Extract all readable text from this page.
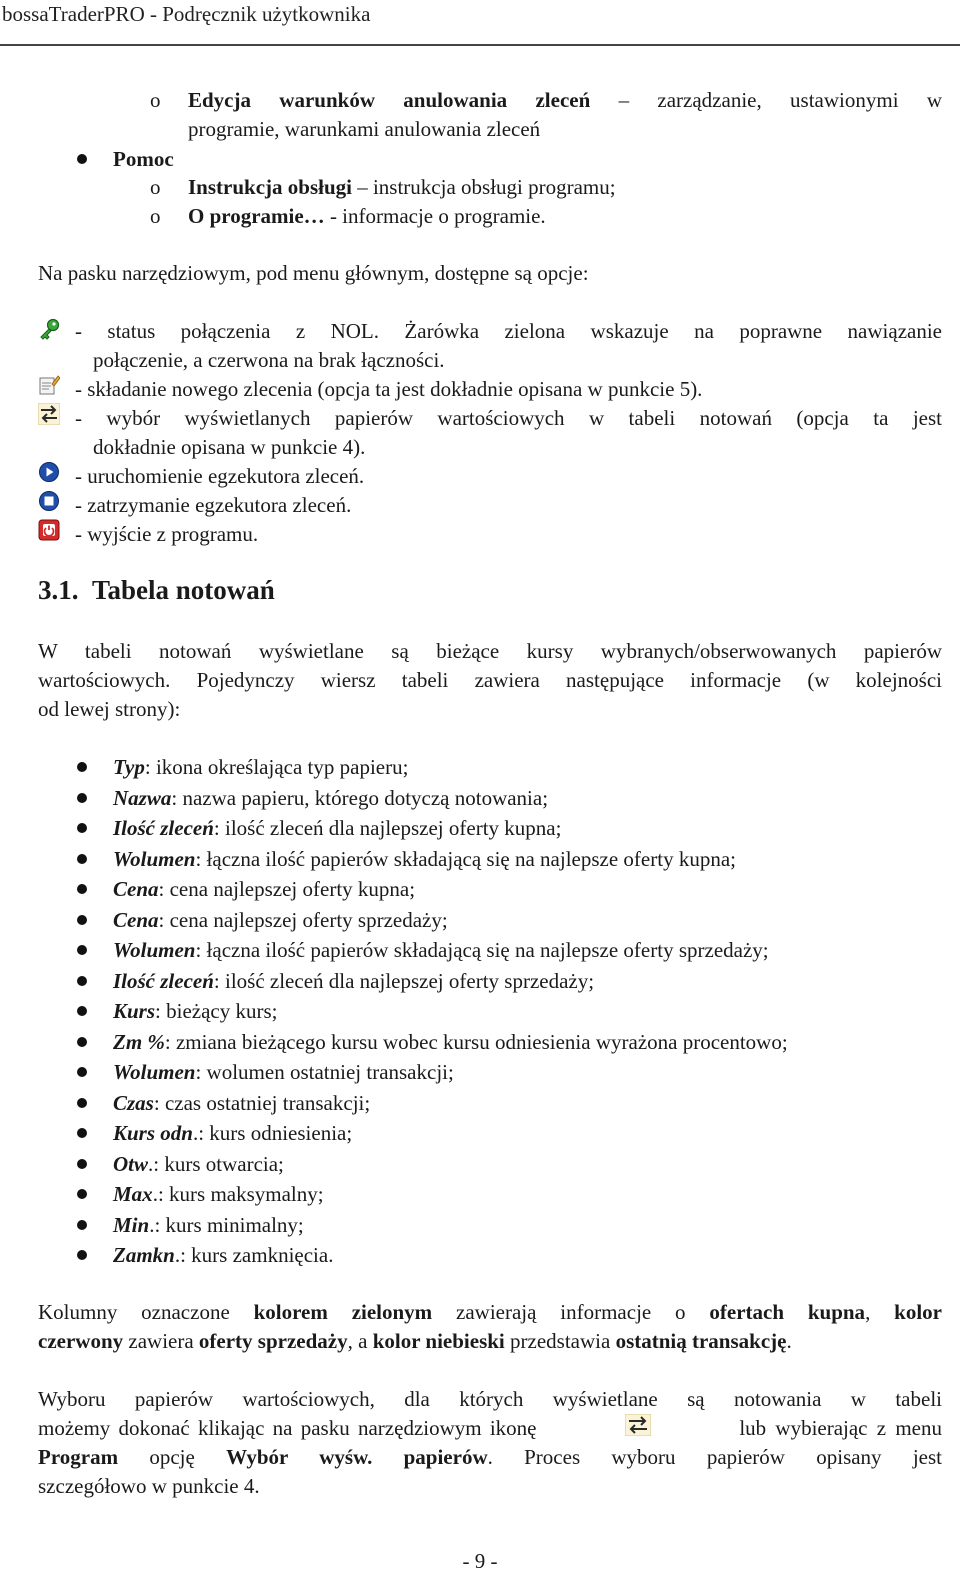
bossaTraderPRO - Podręcznik użytkownika
o Edycja warunków anulowania zleceń – zarządzanie, ustawionymi w
programie, warunkami anulowania zleceń
Pomoc
o Instrukcja obsługi – instrukcja obsługi programu;
o O programie… - informacje o programie.
Na pasku narzędziowym, pod menu głównym, dostępne są opcje:
- status połączenia z NOL. Żarówka zielona wskazuje na poprawne nawiązanie
połączenie, a czerwona na brak łączności.
- składanie nowego zlecenia (opcja ta jest dokładnie opisana w punkcie 5).
- wybór wyświetlanych papierów wartościowych w tabeli notowań (opcja ta jest
dokładnie opisana w punkcie 4).
- uruchomienie egzekutora zleceń.
- zatrzymanie egzekutora zleceń.
- wyjście z programu.
3.1. Tabela notowań
W tabeli notowań wyświetlane są bieżące kursy wybranych/obserwowanych papierów
wartościowych. Pojedynczy wiersz tabeli zawiera następujące informacje (w kolejności
od lewej strony):
Typ: ikona określająca typ papieru;
Nazwa: nazwa papieru, którego dotyczą notowania;
Ilość zleceń: ilość zleceń dla najlepszej oferty kupna;
Wolumen: łączna ilość papierów składającą się na najlepsze oferty kupna;
Cena: cena najlepszej oferty kupna;
Cena: cena najlepszej oferty sprzedaży;
Wolumen: łączna ilość papierów składającą się na najlepsze oferty sprzedaży;
Ilość zleceń: ilość zleceń dla najlepszej oferty sprzedaży;
Kurs: bieżący kurs;
Zm %: zmiana bieżącego kursu wobec kursu odniesienia wyrażona procentowo;
Wolumen: wolumen ostatniej transakcji;
Czas: czas ostatniej transakcji;
Kurs odn.: kurs odniesienia;
Otw.: kurs otwarcia;
Max.: kurs maksymalny;
Min.: kurs minimalny;
Zamkn.: kurs zamknięcia.
Kolumny oznaczone kolorem zielonym zawierają informacje o ofertach kupna, kolor
czerwony zawiera oferty sprzedaży, a kolor niebieski przedstawia ostatnią transakcję.
Wyboru papierów wartościowych, dla których wyświetlane są notowania w tabeli
możemy dokonać klikając na pasku narzędziowym ikonę	lub wybierając z menu
Program opcję Wybór wyśw. papierów. Proces wyboru papierów opisany jest
szczegółowo w punkcie 4.
- 9 -
